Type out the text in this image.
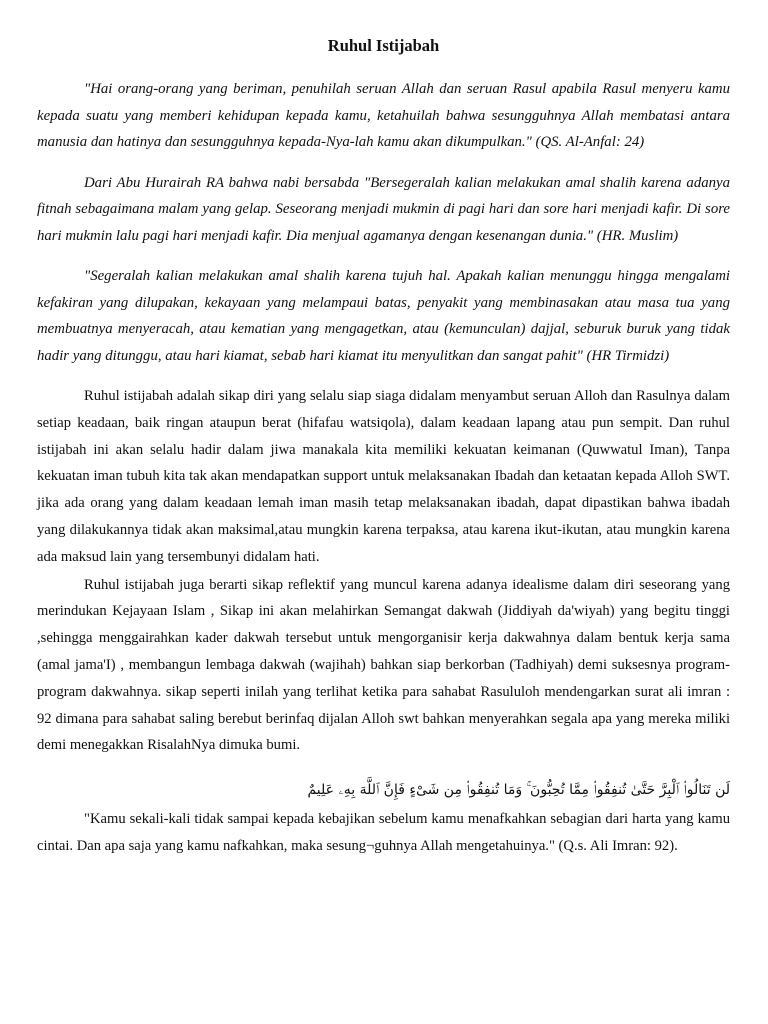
Ruhul Istijabah

"Hai orang-orang yang beriman, penuhilah seruan Allah dan seruan Rasul apabila Rasul menyeru kamu kepada suatu yang memberi kehidupan kepada kamu, ketahuilah bahwa sesungguhnya Allah membatasi antara manusia dan hatinya dan sesungguhnya kepada-Nya-lah kamu akan dikumpulkan." (QS. Al-Anfal: 24)

Dari Abu Hurairah RA bahwa nabi bersabda "Bersegeralah kalian melakukan amal shalih karena adanya fitnah sebagaimana malam yang gelap. Seseorang menjadi mukmin di pagi hari dan sore hari menjadi kafir. Di sore hari mukmin lalu pagi hari menjadi kafir. Dia menjual agamanya dengan kesenangan dunia." (HR. Muslim)

"Segeralah kalian melakukan amal shalih karena tujuh hal. Apakah kalian menunggu hingga mengalami kefakiran yang dilupakan, kekayaan yang melampaui batas, penyakit yang membinasakan atau masa tua yang membuatnya menyeracah, atau kematian yang mengagetkan, atau (kemunculan) dajjal, seburuk buruk yang tidak hadir yang ditunggu, atau hari kiamat, sebab hari kiamat itu menyulitkan dan sangat pahit" (HR Tirmidzi)

Ruhul istijabah adalah sikap diri yang selalu siap siaga didalam menyambut seruan Alloh dan Rasulnya dalam setiap keadaan, baik ringan ataupun berat (hifafau watsiqola), dalam keadaan lapang atau pun sempit. Dan ruhul istijabah ini akan selalu hadir dalam jiwa manakala kita memiliki kekuatan keimanan (Quwwatul Iman), Tanpa kekuatan iman tubuh kita tak akan mendapatkan support untuk melaksanakan Ibadah dan ketaatan kepada Alloh SWT. jika ada orang yang dalam keadaan lemah iman masih tetap melaksanakan ibadah, dapat dipastikan bahwa ibadah yang dilakukannya tidak akan maksimal,atau mungkin karena terpaksa, atau karena ikut-ikutan, atau mungkin karena ada maksud lain yang tersembunyi didalam hati.

Ruhul istijabah juga berarti sikap reflektif yang muncul karena adanya idealisme dalam diri seseorang yang merindukan Kejayaan Islam , Sikap ini akan melahirkan Semangat dakwah (Jiddiyah da'wiyah) yang begitu tinggi ,sehingga menggairahkan kader dakwah tersebut untuk mengorganisir kerja dakwahnya dalam bentuk kerja sama (amal jama'I) , membangun lembaga dakwah (wajihah) bahkan siap berkorban (Tadhiyah) demi suksesnya program-program dakwahnya. sikap seperti inilah yang terlihat ketika para sahabat Rasululoh mendengarkan surat ali imran : 92 dimana para sahabat saling berebut berinfaq dijalan Alloh swt bahkan menyerahkan segala apa yang mereka miliki demi menegakkan RisalahNya dimuka bumi.

لَن تَنَالُوا۟ ٱلْبِرَّ حَتَّىٰ تُنفِقُوا۟ مِمَّا تُحِبُّونَ ۚ وَمَا تُنفِقُوا۟ مِن شَىْءٍ فَإِنَّ ٱللَّهَ بِهِۦ عَلِيمٌ

"Kamu sekali-kali tidak sampai kepada kebajikan sebelum kamu menafkahkan sebagian dari harta yang kamu cintai. Dan apa saja yang kamu nafkahkan, maka sesung¬guhnya Allah mengetahuinya." (Q.s. Ali Imran: 92).
